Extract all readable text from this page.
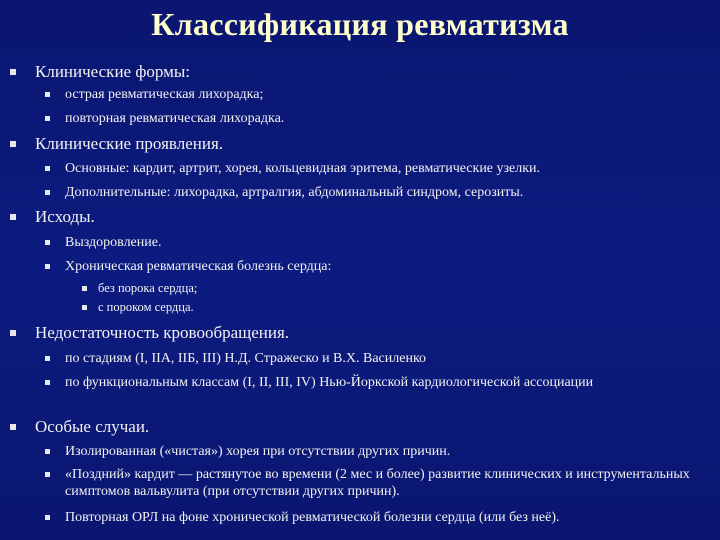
Классификация ревматизма
Клинические формы:
острая ревматическая лихорадка;
повторная ревматическая лихорадка.
Клинические проявления.
Основные: кардит, артрит, хорея, кольцевидная эритема, ревматические узелки.
Дополнительные: лихорадка, артралгия, абдоминальный синдром, серозиты.
Исходы.
Выздоровление.
Хроническая ревматическая болезнь сердца:
без порока сердца;
с пороком сердца.
Недостаточность кровообращения.
по стадиям (I, IIA, IIБ, III) Н.Д. Стражеско и В.Х. Василенко
по функциональным классам (I, II, III, IV) Нью-Йоркской кардиологической ассоциации
Особые случаи.
Изолированная («чистая») хорея при отсутствии других причин.
«Поздний» кардит — растянутое во времени (2 мес и более) развитие клинических и инструментальных симптомов вальвулита (при отсутствии других причин).
Повторная ОРЛ на фоне хронической ревматической болезни сердца (или без неё).
